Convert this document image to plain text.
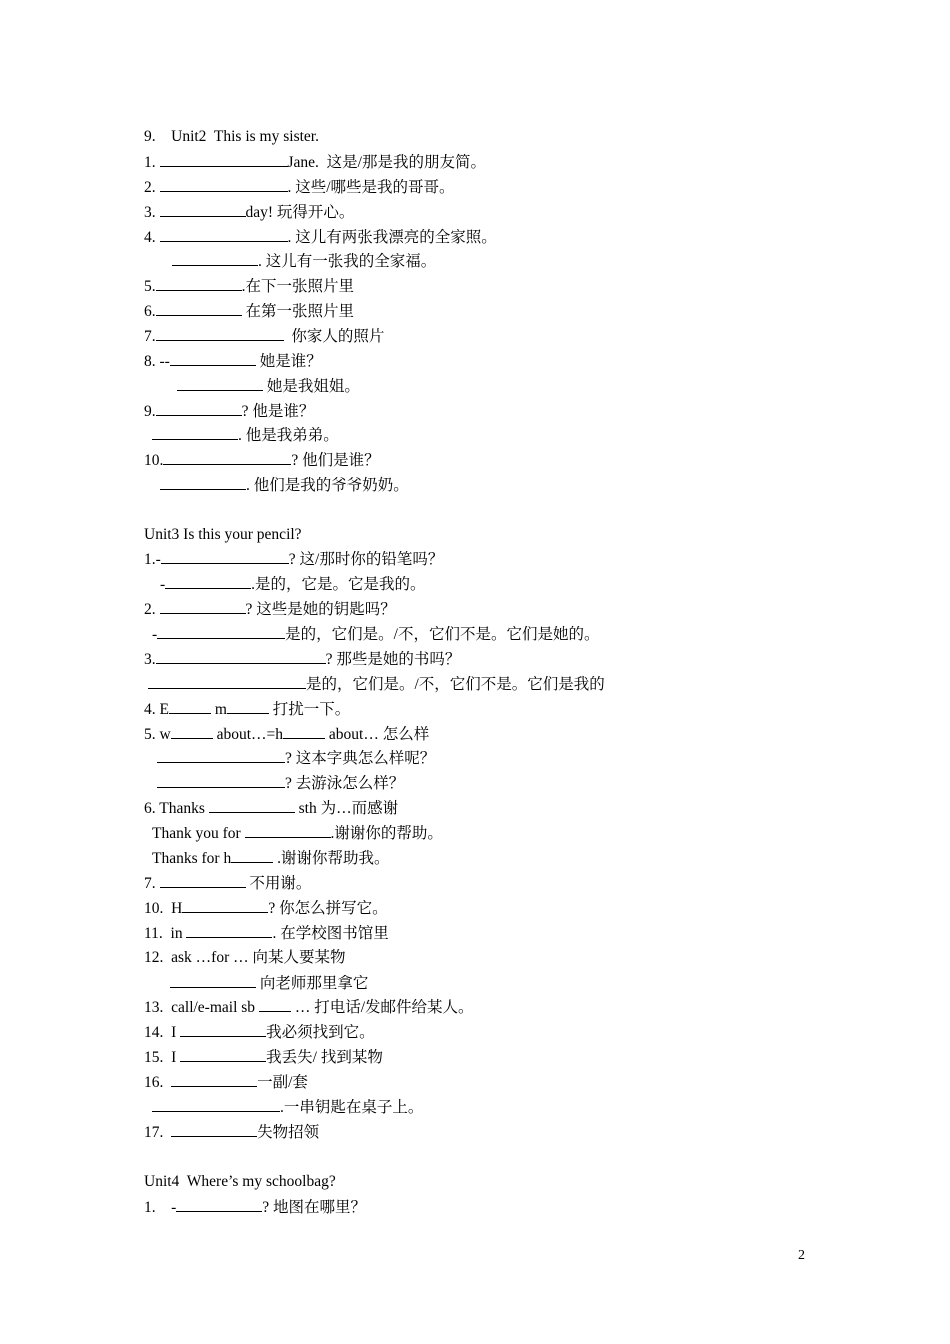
9.    Unit2  This is my sister.
1.	Jane.  这是/那是我的朋友简。
2.	. 这些/哪些是我的哥哥。
3.	day! 玩得开心。
4.	. 这儿有两张我漂亮的全家照。
. 这儿有一张我的全家福。
5.	.在下一张照片里
6.	在第一张照片里
7.	你家人的照片
8. --	她是谁？
她是我姐姐。
9.	? 他是谁？
. 他是我弟弟。
10.	? 他们是谁？
. 他们是我的爷爷奶奶。
Unit3 Is this your pencil?
1.-	? 这/那时你的铅笔吗？
-	.是的，它是。它是我的。
2.	? 这些是她的钥匙吗？
-	是的，它们是。/不，它们不是。它们是她的。
3.	? 那些是她的书吗？
是的，它们是。/不，它们不是。它们是我的
4. E	m	打扰一下。
5. w	about…=h	about… 怎么样
? 这本字典怎么样呢？
? 去游泳怎么样？
6. Thanks	sth 为…而感谢
Thank you for	.谢谢你的帮助。
Thanks for h	.谢谢你帮助我。
7.	不用谢。
10.  H	? 你怎么拼写它。
11.  in	. 在学校图书馆里
12.  ask …for … 向某人要某物
向老师那里拿它
13.  call/e-mail sb  … 打电话/发邮件给某人。
14.  I	我必须找到它。
15.  I	我丢失/ 找到某物
16.	一副/套
.一串钥匙在桌子上。
17.	失物招领
Unit4  Where’s my schoolbag?
1.    -	? 地图在哪里？
2
